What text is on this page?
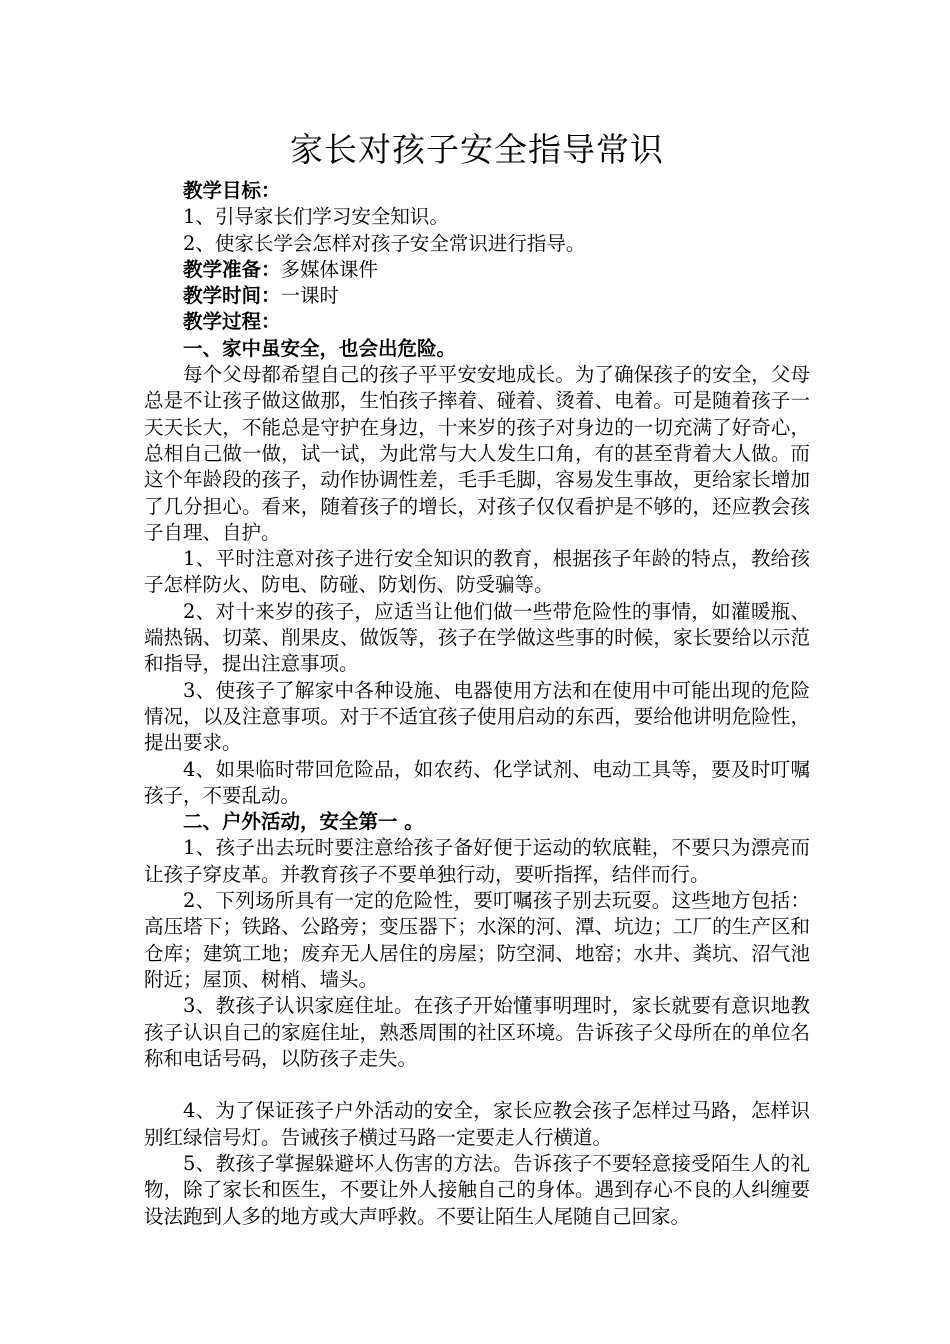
家长对孩子安全指导常识

教学目标：

1、引导家长们学习安全知识。

2、使家长学会怎样对孩子安全常识进行指导。

教学准备：多媒体课件

教学时间：一课时

教学过程：

一、家中虽安全，也会出危险。

每个父母都希望自己的孩子平平安安地成长。为了确保孩子的安全，父母总是不让孩子做这做那，生怕孩子摔着、碰着、烫着、电着。可是随着孩子一天天长大，不能总是守护在身边，十来岁的孩子对身边的一切充满了好奇心，总相自己做一做，试一试，为此常与大人发生口角，有的甚至背着大人做。而这个年龄段的孩子，动作协调性差，毛手毛脚，容易发生事故，更给家长增加了几分担心。看来，随着孩子的增长，对孩子仅仅看护是不够的，还应教会孩子自理、自护。

1、平时注意对孩子进行安全知识的教育，根据孩子年龄的特点，教给孩子怎样防火、防电、防碰、防划伤、防受骗等。

2、对十来岁的孩子，应适当让他们做一些带危险性的事情，如灌暖瓶、端热锅、切菜、削果皮、做饭等，孩子在学做这些事的时候，家长要给以示范和指导，提出注意事项。

3、使孩子了解家中各种设施、电器使用方法和在使用中可能出现的危险情况，以及注意事项。对于不适宜孩子使用启动的东西，要给他讲明危险性，提出要求。

4、如果临时带回危险品，如农药、化学试剂、电动工具等，要及时叮嘱孩子，不要乱动。

二、户外活动，安全第一 。

1、孩子出去玩时要注意给孩子备好便于运动的软底鞋，不要只为漂亮而让孩子穿皮革。并教育孩子不要单独行动，要听指挥，结伴而行。

2、下列场所具有一定的危险性，要叮嘱孩子别去玩耍。这些地方包括：高压塔下；铁路、公路旁；变压器下；水深的河、潭、坑边；工厂的生产区和仓库；建筑工地；废弃无人居住的房屋；防空洞、地窑；水井、粪坑、沼气池附近；屋顶、树梢、墙头。

3、教孩子认识家庭住址。在孩子开始懂事明理时，家长就要有意识地教孩子认识自己的家庭住址，熟悉周围的社区环境。告诉孩子父母所在的单位名称和电话号码，以防孩子走失。

4、为了保证孩子户外活动的安全，家长应教会孩子怎样过马路，怎样识别红绿信号灯。告诫孩子横过马路一定要走人行横道。

5、教孩子掌握躲避坏人伤害的方法。告诉孩子不要轻意接受陌生人的礼物，除了家长和医生，不要让外人接触自己的身体。遇到存心不良的人纠缠要设法跑到人多的地方或大声呼救。不要让陌生人尾随自己回家。
